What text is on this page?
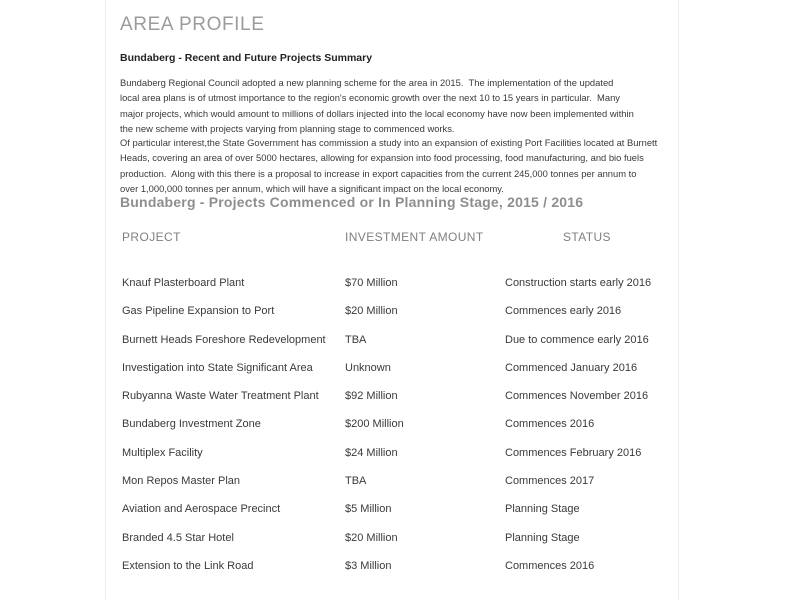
AREA PROFILE
Bundaberg - Recent and Future Projects Summary
Bundaberg Regional Council adopted a new planning scheme for the area in 2015.  The implementation of the updated
local area plans is of utmost importance to the region's economic growth over the next 10 to 15 years in particular.  Many
major projects, which would amount to millions of dollars injected into the local economy have now been implemented within
the new scheme with projects varying from planning stage to commenced works.
Of particular interest,the State Government has commission a study into an expansion of existing Port Facilities located at Burnett
Heads, covering an area of over 5000 hectares, allowing for expansion into food processing, food manufacturing, and bio fuels
production.  Along with this there is a proposal to increase in export capacities from the current 245,000 tonnes per annum to
over 1,000,000 tonnes per annum, which will have a significant impact on the local economy.
Bundaberg - Projects Commenced or In Planning Stage, 2015 / 2016
PROJECT	INVESTMENT AMOUNT	STATUS
Knauf Plasterboard Plant	$70 Million	Construction starts early 2016
Gas Pipeline Expansion to Port	$20 Million	Commences early 2016
Burnett Heads Foreshore Redevelopment	TBA	Due to commence early 2016
Investigation into State Significant Area	Unknown	Commenced January 2016
Rubyanna Waste Water Treatment Plant	$92 Million	Commences November 2016
Bundaberg Investment Zone	$200 Million	Commences 2016
Multiplex Facility	$24 Million	Commences February 2016
Mon Repos Master Plan	TBA	Commences 2017
Aviation and Aerospace Precinct	$5 Million	Planning Stage
Branded 4.5 Star Hotel	$20 Million	Planning Stage
Extension to the Link Road	$3 Million	Commences 2016
